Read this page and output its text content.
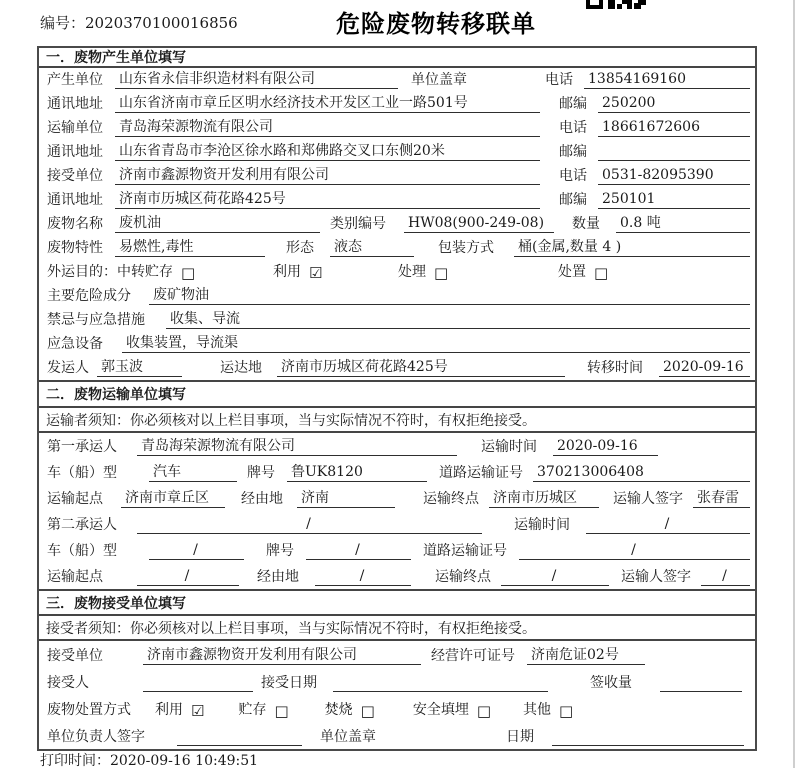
编号：2020370100016856	危险废物转移联单
一．废物产生单位填写
产生单位 山东省永信非织造材料有限公司	单位盖章	电话	13854169160
通讯地址 山东省济南市章丘区明水经济技术开发区工业一路501号	邮编	250200
运输单位 青岛海荣源物流有限公司	电话	18661672606
通讯地址 山东省青岛市李沧区徐水路和郑佛路交叉口东侧20米	邮编
接受单位 济南市鑫源物资开发利用有限公司	电话	0531-82095390
通讯地址 济南市历城区荷花路425号	邮编	250101
废物名称 废机油	类别编号	HW08(900-249-08)	数量	0.8 吨
废物特性 易燃性,毒性	形态	液态	包装方式	桶(金属,数量 4 )
外运目的： 中转贮存 □	利用 ☑	处理 □	处置 □
主要危险成分 废矿物油
禁忌与应急措施	收集、导流
应急设备 收集装置，导流渠
发运人 郭玉波	运达地 济南市历城区荷花路425号	转移时间	2020-09-16
二．废物运输单位填写
运输者须知：你必须核对以上栏目事项，当与实际情况不符时，有权拒绝接受。
第一承运人 青岛海荣源物流有限公司	运输时间	2020-09-16
车（船）型	汽车	牌号 鲁UK8120	道路运输证号 370213006408
运输起点 济南市章丘区	经由地 济南	运输终点 济南市历城区	运输人签字 张春雷
第二承运人	/	运输时间	/
车（船）型	/	牌号	/	道路运输证号	/
运输起点	/	经由地	/	运输终点	/	运输人签字	/
三．废物接受单位填写
接受者须知：你必须核对以上栏目事项，当与实际情况不符时，有权拒绝接受。
接受单位	济南市鑫源物资开发利用有限公司	经营许可证号 济南危证02号
接受人	接受日期	签收量
废物处置方式 利用 ☑ 贮存 □	焚烧 □	安全填埋 □ 其他 □
单位负责人签字	单位盖章	日期
打印时间：2020-09-16 10:49:51
